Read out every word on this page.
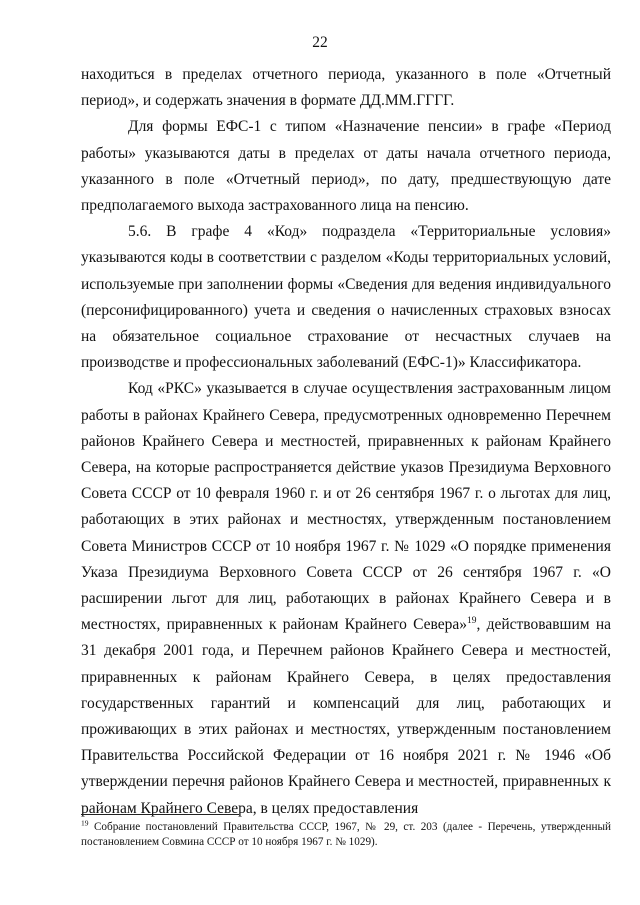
22

находиться в пределах отчетного периода, указанного в поле «Отчетный период», и содержать значения в формате ДД.ММ.ГГГГ.

Для формы ЕФС-1 с типом «Назначение пенсии» в графе «Период работы» указываются даты в пределах от даты начала отчетного периода, указанного в поле «Отчетный период», по дату, предшествующую дате предполагаемого выхода застрахованного лица на пенсию.

5.6. В графе 4 «Код» подраздела «Территориальные условия» указываются коды в соответствии с разделом «Коды территориальных условий, используемые при заполнении формы «Сведения для ведения индивидуального (персонифицированного) учета и сведения о начисленных страховых взносах на обязательное социальное страхование от несчастных случаев на производстве и профессиональных заболеваний (ЕФС-1)» Классификатора.

Код «РКС» указывается в случае осуществления застрахованным лицом работы в районах Крайнего Севера, предусмотренных одновременно Перечнем районов Крайнего Севера и местностей, приравненных к районам Крайнего Севера, на которые распространяется действие указов Президиума Верховного Совета СССР от 10 февраля 1960 г. и от 26 сентября 1967 г. о льготах для лиц, работающих в этих районах и местностях, утвержденным постановлением Совета Министров СССР от 10 ноября 1967 г. № 1029 «О порядке применения Указа Президиума Верховного Совета СССР от 26 сентября 1967 г. «О расширении льгот для лиц, работающих в районах Крайнего Севера и в местностях, приравненных к районам Крайнего Севера»$^{19}$, действовавшим на 31 декабря 2001 года, и Перечнем районов Крайнего Севера и местностей, приравненных к районам Крайнего Севера, в целях предоставления государственных гарантий и компенсаций для лиц, работающих и проживающих в этих районах и местностях, утвержденным постановлением Правительства Российской Федерации от 16 ноября 2021 г. № 1946 «Об утверждении перечня районов Крайнего Севера и местностей, приравненных к районам Крайнего Севера, в целях предоставления

$^{19}$ Собрание постановлений Правительства СССР, 1967, № 29, ст. 203 (далее - Перечень, утвержденный постановлением Совмина СССР от 10 ноября 1967 г. № 1029).
